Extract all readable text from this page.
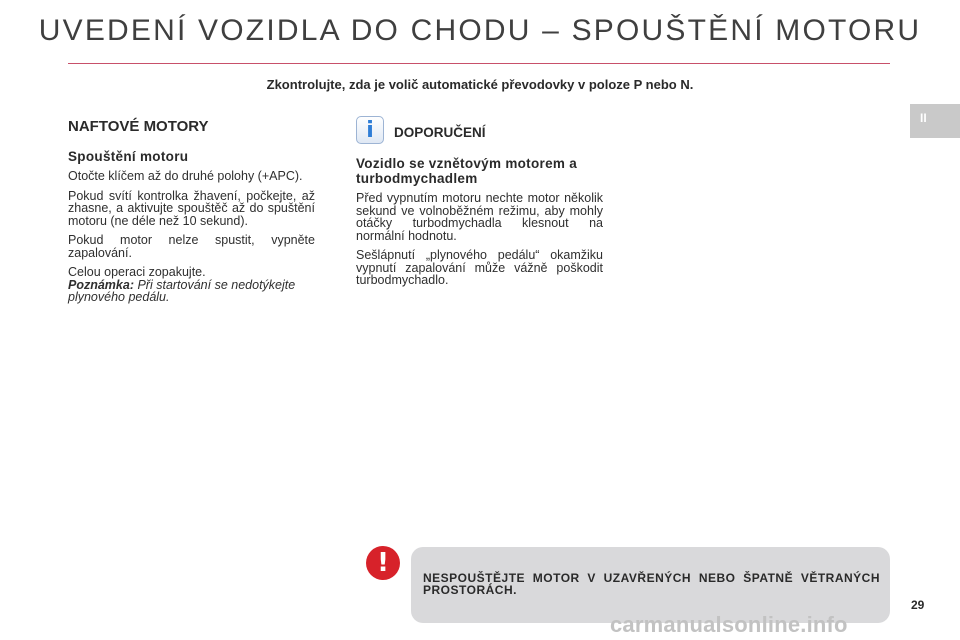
UVEDENÍ VOZIDLA DO CHODU – SPOUŠTĚNÍ MOTORU
Zkontrolujte, zda je volič automatické převodovky v poloze P nebo N.
II
NAFTOVÉ MOTORY
Spouštění motoru

Otočte klíčem až do druhé polohy (+APC).

Pokud svítí kontrolka žhavení, počkejte, až zhasne, a aktivujte spouštěč až do spuštění motoru (ne déle než 10 sekund).

Pokud motor nelze spustit, vypněte zapalování.

Celou operaci zopakujte.

Poznámka: Při startování se nedotýkejte plynového pedálu.

i	DOPORUČENÍ
Vozidlo se vznětovým motorem a turbodmychadlem

Před vypnutím motoru nechte motor několik sekund ve volnoběžném režimu, aby mohly otáčky turbodmychadla klesnout na normální hodnotu.

Sešlápnutí „plynového pedálu“ okamžiku vypnutí zapalování může vážně poškodit turbodmychadlo.

NESPOUŠTĚJTE MOTOR V UZAVŘENÝCH NEBO ŠPATNĚ VĚTRANÝCH PROSTORÁCH.
!
29
carmanualsonline.info
